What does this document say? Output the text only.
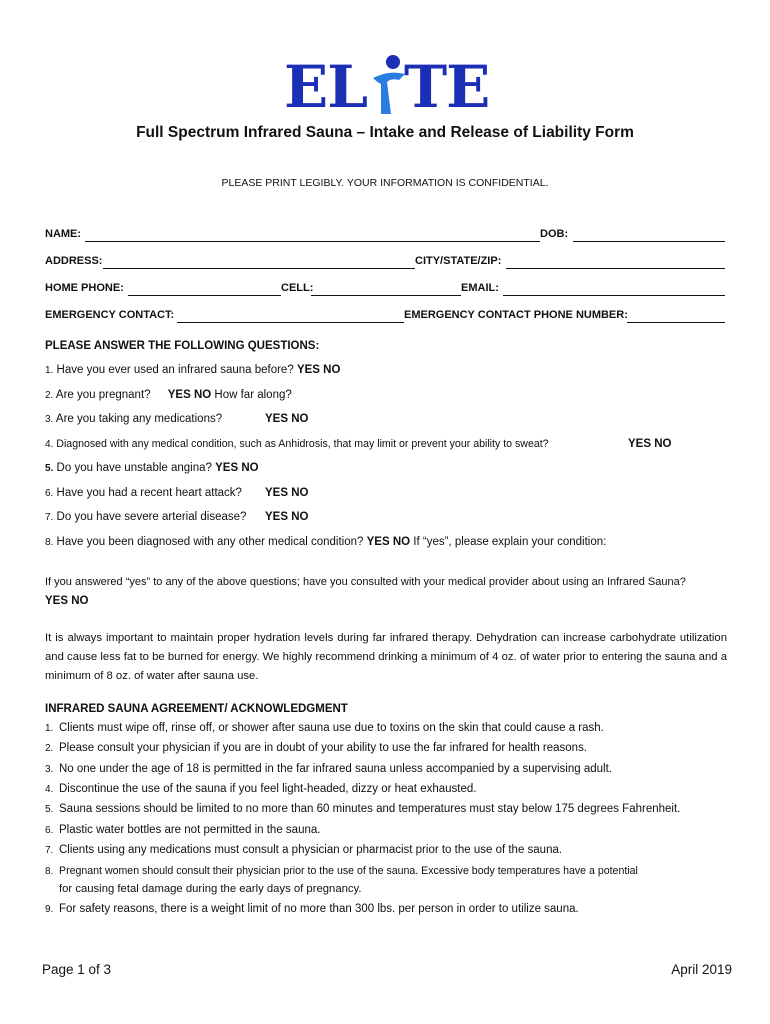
EL TE
Full Spectrum Infrared Sauna – Intake and Release of Liability Form
PLEASE PRINT LEGIBLY. YOUR INFORMATION IS CONFIDENTIAL.
NAME:	DOB:
ADDRESS:	CITY/STATE/ZIP:
HOME PHONE:	CELL:	EMAIL:
EMERGENCY CONTACT:	EMERGENCY CONTACT PHONE NUMBER:
PLEASE ANSWER THE FOLLOWING QUESTIONS:
1. Have you ever used an infrared sauna before? YES NO
2. Are you pregnant? YES NO How far along?
3. Are you taking any medications?	YES NO
4. Diagnosed with any medical condition, such as Anhidrosis, that may limit or prevent your ability to sweat?	YES NO
5. Do you have unstable angina? YES NO
6. Have you had a recent heart attack? YES NO
7. Do you have severe arterial disease? YES NO
8. Have you been diagnosed with any other medical condition? YES NO If “yes”, please explain your condition:
If you answered “yes” to any of the above questions; have you consulted with your medical provider about using an Infrared Sauna?
YES NO
It is always important to maintain proper hydration levels during far infrared therapy. Dehydration can increase carbohydrate utilization and cause less fat to be burned for energy. We highly recommend drinking a minimum of 4 oz. of water prior to entering the sauna and a minimum of 8 oz. of water after sauna use.
INFRARED SAUNA AGREEMENT/ ACKNOWLEDGMENT
1. Clients must wipe off, rinse off, or shower after sauna use due to toxins on the skin that could cause a rash.
2. Please consult your physician if you are in doubt of your ability to use the far infrared for health reasons.
3. No one under the age of 18 is permitted in the far infrared sauna unless accompanied by a supervising adult.
4. Discontinue the use of the sauna if you feel light-headed, dizzy or heat exhausted.
5. Sauna sessions should be limited to no more than 60 minutes and temperatures must stay below 175 degrees Fahrenheit.
6. Plastic water bottles are not permitted in the sauna.
7. Clients using any medications must consult a physician or pharmacist prior to the use of the sauna.
8. Pregnant women should consult their physician prior to the use of the sauna. Excessive body temperatures have a potential
for causing fetal damage during the early days of pregnancy.
9. For safety reasons, there is a weight limit of no more than 300 lbs. per person in order to utilize sauna.
Page 1 of 3	April 2019
